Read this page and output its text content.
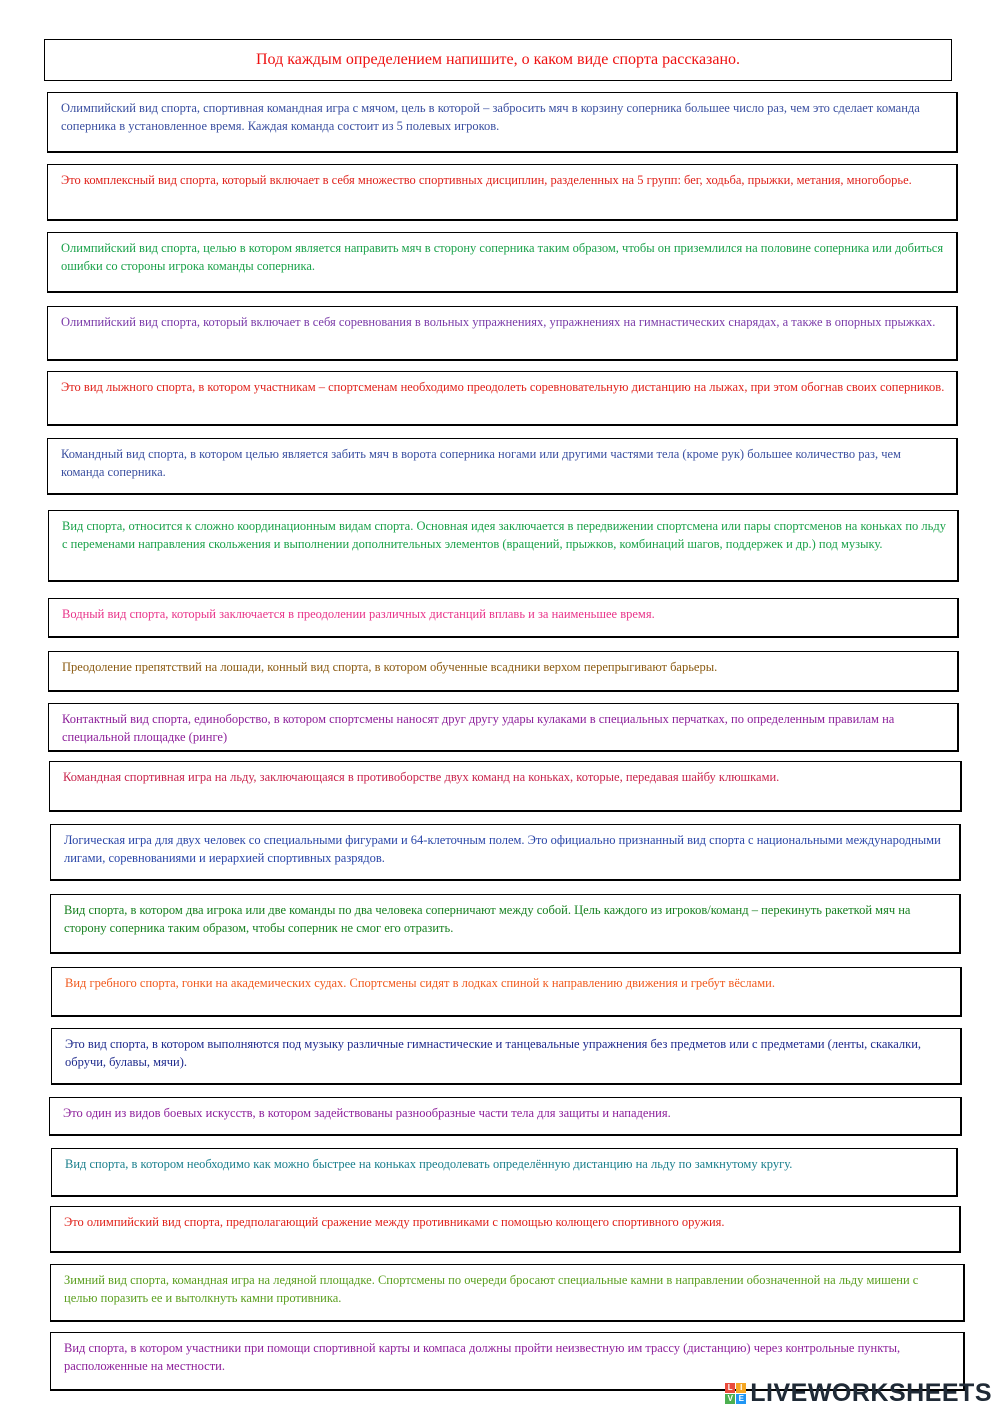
Под каждым определением напишите, о каком виде спорта рассказано.
Олимпийский вид спорта, спортивная командная игра с мячом, цель в которой – забросить мяч в корзину соперника большее число раз, чем это сделает команда соперника в установленное время. Каждая команда состоит из 5 полевых игроков.
Это комплексный вид спорта, который включает в себя множество спортивных дисциплин, разделенных на 5 групп: бег, ходьба, прыжки, метания, многоборье.
Олимпийский вид спорта, целью в котором является направить мяч в сторону соперника таким образом, чтобы он приземлился на половине соперника или добиться ошибки со стороны игрока команды соперника.
Олимпийский вид спорта, который включает в себя соревнования в вольных упражнениях, упражнениях на гимнастических снарядах, а также в опорных прыжках.
Это вид лыжного спорта, в котором участникам – спортсменам необходимо преодолеть соревновательную дистанцию на лыжах, при этом обогнав своих соперников.
Командный вид спорта, в котором целью является забить мяч в ворота соперника ногами или другими частями тела (кроме рук) большее количество раз, чем команда соперника.
Вид спорта, относится к сложно координационным видам спорта. Основная идея заключается в передвижении спортсмена или пары спортсменов на коньках по льду с переменами направления скольжения и выполнении дополнительных элементов (вращений, прыжков, комбинаций шагов, поддержек и др.) под музыку.
Водный вид спорта, который заключается в преодолении различных дистанций вплавь и за наименьшее время.
Преодоление препятствий на лошади, конный вид спорта, в котором обученные всадники верхом перепрыгивают барьеры.
Контактный вид спорта, единоборство, в котором спортсмены наносят друг другу удары кулаками в специальных перчатках, по определенным правилам на специальной площадке (ринге)
Командная спортивная игра на льду, заключающаяся в противоборстве двух команд на коньках, которые, передавая шайбу клюшками.
Логическая игра для двух человек со специальными фигурами и 64-клеточным полем. Это официально признанный вид спорта с национальными международными лигами, соревнованиями и иерархией спортивных разрядов.
Вид спорта, в котором два игрока или две команды по два человека соперничают между собой. Цель каждого из игроков/команд – перекинуть ракеткой мяч на сторону соперника таким образом, чтобы соперник не смог его отразить.
Вид гребного спорта, гонки на академических судах. Спортсмены сидят в лодках спиной к направлению движения и гребут вёслами.
Это вид спорта, в котором выполняются под музыку различные гимнастические и танцевальные упражнения без предметов или с предметами (ленты, скакалки, обручи, булавы, мячи).
Это один из видов боевых искусств, в котором задействованы разнообразные части тела для защиты и нападения.
Вид спорта, в котором необходимо как можно быстрее на коньках преодолевать определённую дистанцию на льду по замкнутому кругу.
Это олимпийский вид спорта, предполагающий сражение между противниками с помощью колющего спортивного оружия.
Зимний вид спорта, командная игра на ледяной площадке. Спортсмены по очереди бросают специальные камни в направлении обозначенной на льду мишени с целью поразить ее и вытолкнуть камни противника.
Вид спорта, в котором участники при помощи спортивной карты и компаса должны пройти неизвестную им трассу (дистанцию) через контрольные пункты, расположенные на местности.
L I
V E LIVEWORKSHEETS
